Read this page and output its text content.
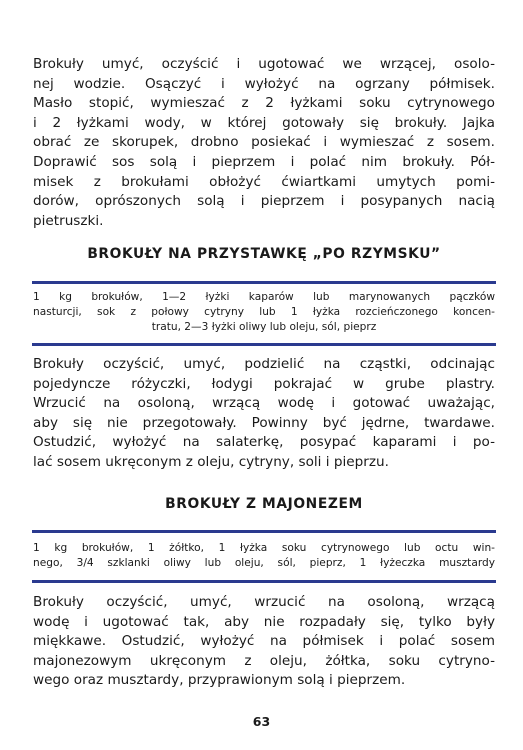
Brokuły umyć, oczyścić i ugotować we wrzącej, osolo-
nej wodzie. Osączyć i wyłożyć na ogrzany półmisek.
Masło stopić, wymieszać z 2 łyżkami soku cytrynowego
i 2 łyżkami wody, w której gotowały się brokuły. Jajka
obrać ze skorupek, drobno posiekać i wymieszać z sosem.
Doprawić sos solą i pieprzem i polać nim brokuły. Pół-
misek z brokułami obłożyć ćwiartkami umytych pomi-
dorów, oprószonych solą i pieprzem i posypanych nacią
pietruszki.
BROKUŁY NA PRZYSTAWKĘ „PO RZYMSKU”
1 kg brokułów, 1—2 łyżki kaparów lub marynowanych pączków
nasturcji, sok z połowy cytryny lub 1 łyżka rozcieńczonego koncen-
tratu, 2—3 łyżki oliwy lub oleju, sól, pieprz
Brokuły oczyścić, umyć, podzielić na cząstki, odcinając
pojedyncze różyczki, łodygi pokrajać w grube plastry.
Wrzucić na osoloną, wrzącą wodę i gotować uważając,
aby się nie przegotowały. Powinny być jędrne, twardawe.
Ostudzić, wyłożyć na salaterkę, posypać kaparami i po-
lać sosem ukręconym z oleju, cytryny, soli i pieprzu.
BROKUŁY Z MAJONEZEM
1 kg brokułów, 1 żółtko, 1 łyżka soku cytrynowego lub octu win-
nego, 3/4 szklanki oliwy lub oleju, sól, pieprz, 1 łyżeczka musztardy
Brokuły oczyścić, umyć, wrzucić na osoloną, wrzącą
wodę i ugotować tak, aby nie rozpadały się, tylko były
miękkawe. Ostudzić, wyłożyć na półmisek i polać sosem
majonezowym ukręconym z oleju, żółtka, soku cytryno-
wego oraz musztardy, przyprawionym solą i pieprzem.
63
